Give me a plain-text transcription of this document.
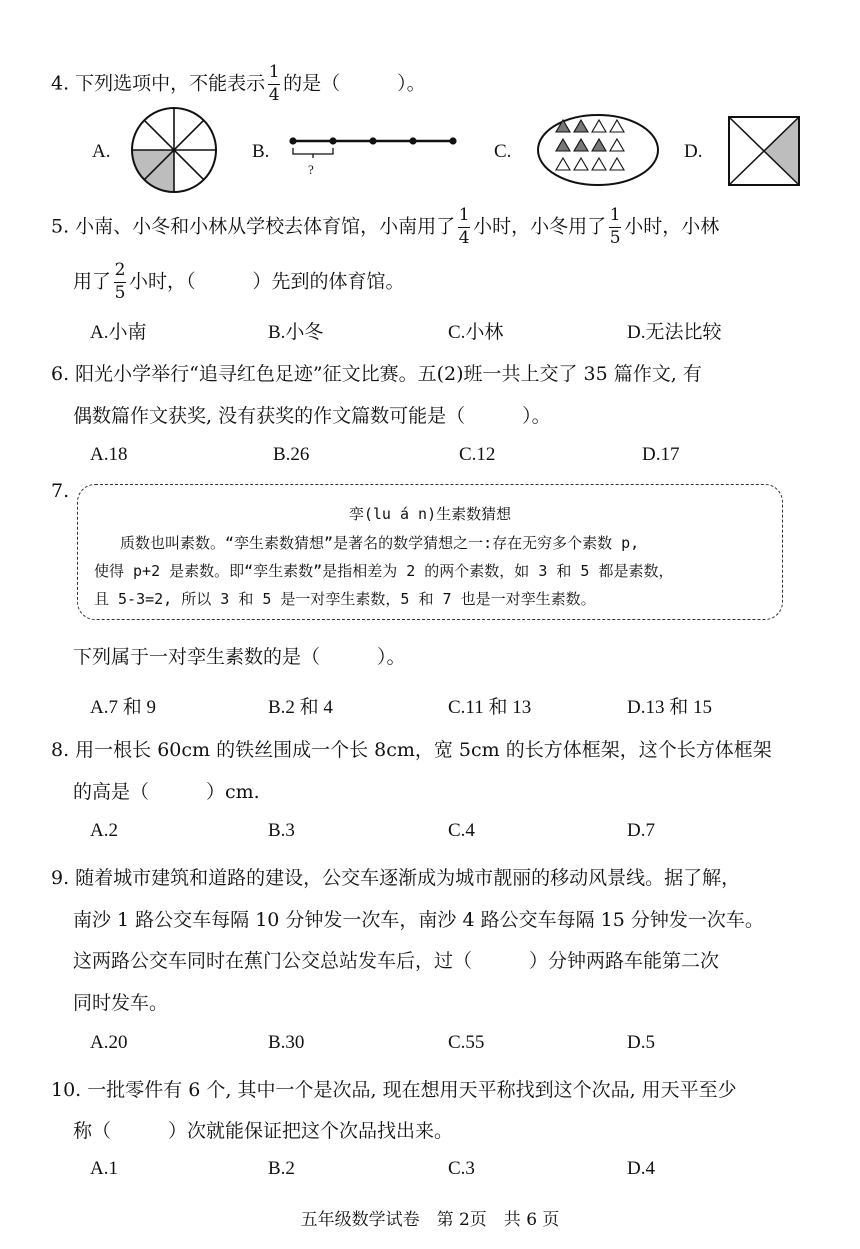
4. 下列选项中，不能表示 $\frac{1}{4}$ 的是（　　　）。
A.	B.
?
C.	D.
5. 小南、小冬和小林从学校去体育馆，小南用了 $\frac{1}{4}$ 小时，小冬用了 $\frac{1}{5}$ 小时，小林
用了 $\frac{2}{5}$ 小时，（　　　）先到的体育馆。
A.小南	B.小冬	C.小林	D.无法比较
6. 阳光小学举行“追寻红色足迹”征文比赛。五(2)班一共上交了 35 篇作文, 有
偶数篇作文获奖, 没有获奖的作文篇数可能是（　　　）。
A.18	B.26	C.12	D.17
7.
孪(lu á n)生素数猜想
质数也叫素数。“孪生素数猜想”是著名的数学猜想之一:存在无穷多个素数 p,
使得 p+2 是素数。即“孪生素数”是指相差为 2 的两个素数，如 3 和 5 都是素数，
且 5-3=2, 所以 3 和 5 是一对孪生素数，5 和 7 也是一对孪生素数。
下列属于一对孪生素数的是（　　　）。
A.7 和 9	B.2 和 4	C.11 和 13	D.13 和 15
8. 用一根长 60cm 的铁丝围成一个长 8cm，宽 5cm 的长方体框架，这个长方体框架
的高是（　　　）cm.
A.2	B.3	C.4	D.7
9. 随着城市建筑和道路的建设，公交车逐渐成为城市靓丽的移动风景线。据了解，
南沙 1 路公交车每隔 10 分钟发一次车，南沙 4 路公交车每隔 15 分钟发一次车。
这两路公交车同时在蕉门公交总站发车后，过（　　　）分钟两路车能第二次
同时发车。
A.20	B.30	C.55	D.5
10. 一批零件有 6 个, 其中一个是次品, 现在想用天平称找到这个次品, 用天平至少
称（　　　）次就能保证把这个次品找出来。
A.1	B.2	C.3	D.4
五年级数学试卷　第 2页　共 6 页
